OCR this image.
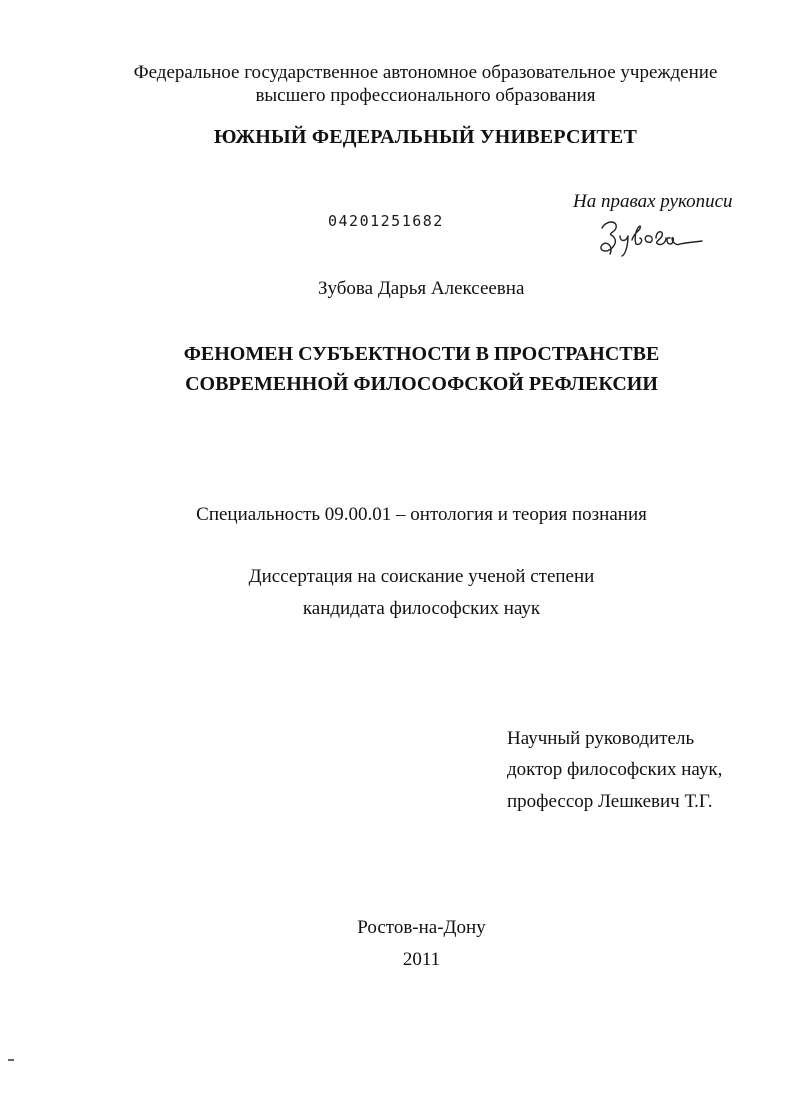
Федеральное государственное автономное образовательное учреждение
высшего профессионального образования
ЮЖНЫЙ ФЕДЕРАЛЬНЫЙ УНИВЕРСИТЕТ
04201251682
На правах рукописи
Зубова Дарья Алексеевна
ФЕНОМЕН СУБЪЕКТНОСТИ В ПРОСТРАНСТВЕ
СОВРЕМЕННОЙ ФИЛОСОФСКОЙ РЕФЛЕКСИИ
Специальность 09.00.01 – онтология и теория познания
Диссертация на соискание ученой степени
кандидата философских наук
Научный руководитель
доктор философских наук,
профессор Лешкевич Т.Г.
Ростов-на-Дону
2011
